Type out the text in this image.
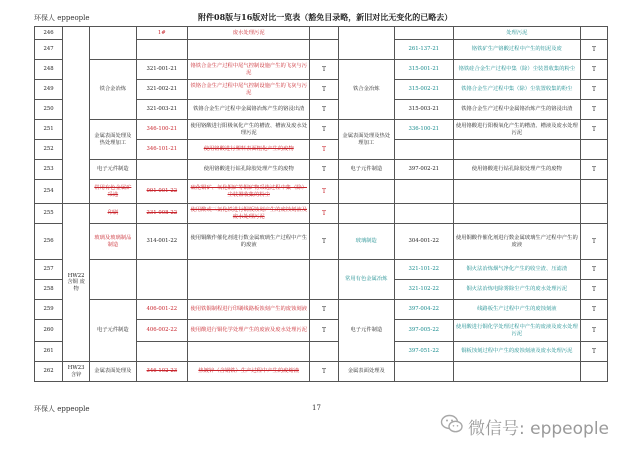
环保人 eppeople	附件08版与16版对比一览表（豁免目录略，新旧对比无变化的已略去）
246			1#	废水处理污泥				处理污泥	
247							261-137-21	铬铁矿生产铬酸过程中产生的铝泥及废	T
248		铁合金冶炼	321-001-21	铬铁合金生产过程中尾气控制设施产生的飞灰与污泥	T	铁合金冶炼	315-001-21	铬铁硅合金生产过程中集（除）尘装置收集的粉尘	T
249			321-002-21	铁铬合金生产过程中尾气控制设施产生的飞灰与污泥	T		315-002-21	铁铬合金生产过程中集（除）尘装置收集的粉尘	T
250			321-003-21	铁铬合金生产过程中金属铬冶炼产生的铬浸出渣	T		315-003-21	铁铬合金生产过程中金属铬冶炼产生的铬浸出渣	T
251		金属表面处理及热处理加工	346-100-21	使用铬酸进行阳极氧化产生的槽渣、槽液及废水处理污泥	T	金属表面处理及热处理加工	336-100-21	使用铬酸进行阳极氧化产生的槽渣、槽液及废水处理污泥	T
252			346-101-21	使用铬酸进行塑料表面粗化产生的废物	T				
253		电子元件制造		使用铬酸进行钻孔除胶处理产生的废物	T	电子元件制造	397-002-21	使用铬酸进行钻孔除胶处理产生的废物	T
254		常用有色金属矿采选	091-001-22	硫化铜矿、氧化铜矿等铜矿物采选过程中集（除）尘装置收集的粉尘	T				
255	HW22 含铜 废物	印刷	231-008-22	使用酸或三氯化铁进行铜板蚀刻产生的废蚀刻液及废水处理污泥	T				
256		玻璃及玻璃制品制造	314-001-22	使用铜酸作催化剂进行数金属玻璃生产过程中产生的废液	T	玻璃制造	304-001-22	使用铜酸作催化剂进行数金属玻璃生产过程中产生的废液	T
257						常用有色金属冶炼	321-101-22	铜火法冶炼烟气净化产生的收尘渣、压滤渣	T
258							321-102-22	铜火法冶炼电除雾除尘产生的废水处理污泥	T
259		电子元件制造	406-001-22	使用铁铜制程进行印刷线路板蚀刻产生的废蚀刻液	T	电子元件制造	397-004-22	线路板生产过程中产生的废蚀刻液	T
260			406-002-22	使用酸进行铜化学处理产生的废液及废水处理污泥	T		397-005-22	使用酸进行铜化学处理过程中产生的废液及废水处理污泥	T
261							397-051-22	铜板蚀刻过程中产生的废蚀刻液及废水处理污泥	T
262	HW23 含锌	金属表面处理及	346-102-23	热镀锌（含钢铁）生产过程中产生的废熔渣	T	金属表面处理及			
环保人 eppeople	17
微信号: eppeople
